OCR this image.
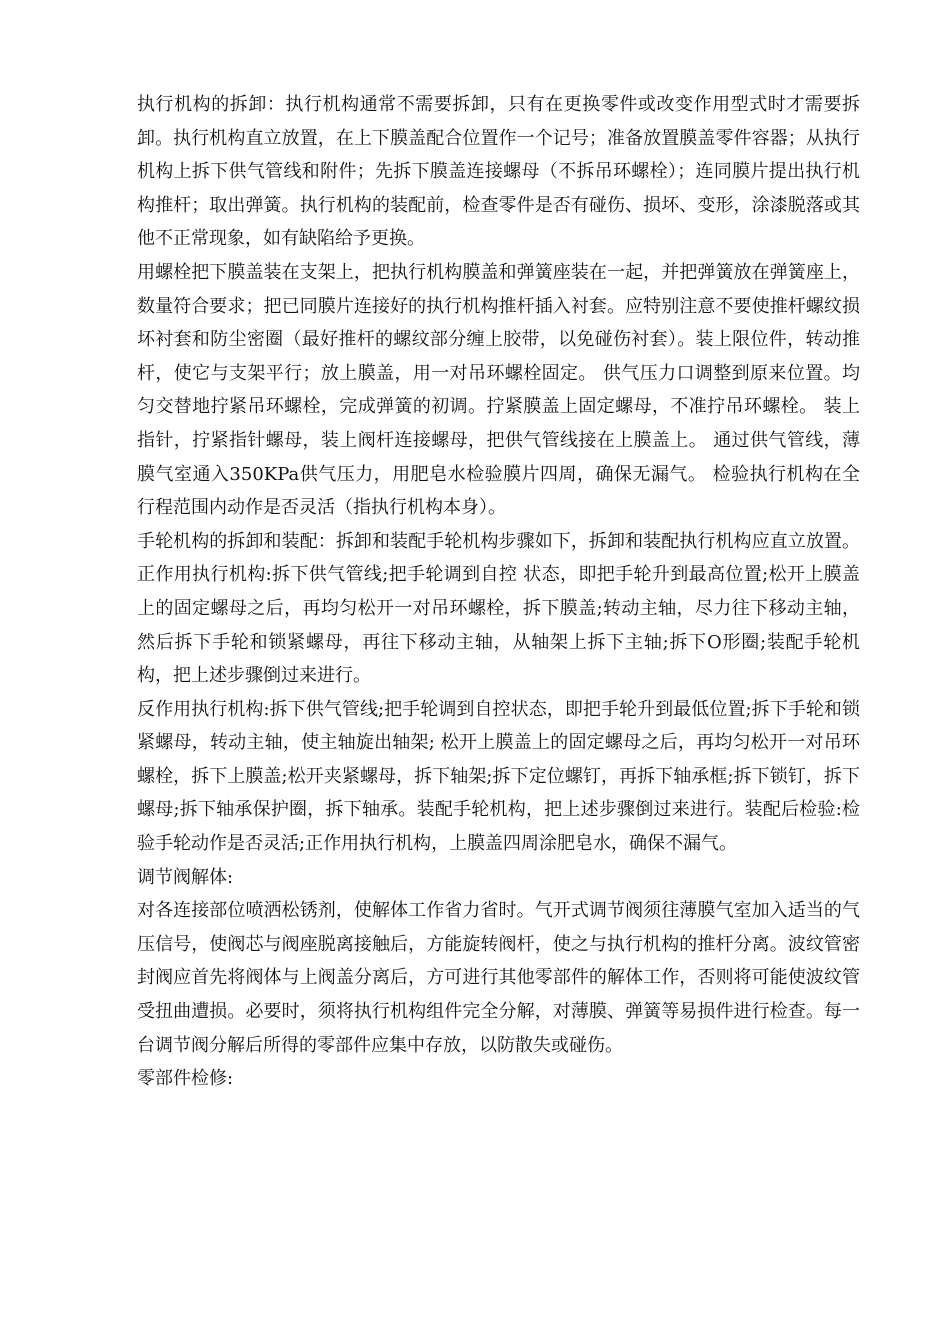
执行机构的拆卸：执行机构通常不需要拆卸，只有在更换零件或改变作用型式时才需要拆卸。执行机构直立放置，在上下膜盖配合位置作一个记号；准备放置膜盖零件容器；从执行机构上拆下供气管线和附件；先拆下膜盖连接螺母（不拆吊环螺栓）；连同膜片提出执行机构推杆；取出弹簧。执行机构的装配前，检查零件是否有碰伤、损坏、变形，涂漆脱落或其他不正常现象，如有缺陷给予更换。

用螺栓把下膜盖装在支架上，把执行机构膜盖和弹簧座装在一起，并把弹簧放在弹簧座上，数量符合要求；把已同膜片连接好的执行机构推杆插入衬套。应特别注意不要使推杆螺纹损坏衬套和防尘密圈（最好推杆的螺纹部分缠上胶带，以免碰伤衬套）。装上限位件，转动推杆，使它与支架平行；放上膜盖，用一对吊环螺栓固定。 供气压力口调整到原来位置。均匀交替地拧紧吊环螺栓，完成弹簧的初调。拧紧膜盖上固定螺母，不准拧吊环螺栓。 装上指针，拧紧指针螺母，装上阀杆连接螺母，把供气管线接在上膜盖上。 通过供气管线，薄膜气室通入350KPa供气压力，用肥皂水检验膜片四周，确保无漏气。 检验执行机构在全行程范围内动作是否灵活（指执行机构本身）。

手轮机构的拆卸和装配：拆卸和装配手轮机构步骤如下，拆卸和装配执行机构应直立放置。正作用执行机构:拆下供气管线;把手轮调到自控 状态，即把手轮升到最高位置;松开上膜盖上的固定螺母之后，再均匀松开一对吊环螺栓，拆下膜盖;转动主轴，尽力往下移动主轴，然后拆下手轮和锁紧螺母，再往下移动主轴，从轴架上拆下主轴;拆下O形圈;装配手轮机构，把上述步骤倒过来进行。

反作用执行机构:拆下供气管线;把手轮调到自控状态，即把手轮升到最低位置;拆下手轮和锁紧螺母，转动主轴，使主轴旋出轴架; 松开上膜盖上的固定螺母之后，再均匀松开一对吊环螺栓，拆下上膜盖;松开夹紧螺母，拆下轴架;拆下定位螺钉，再拆下轴承框;拆下锁钉，拆下螺母;拆下轴承保护圈，拆下轴承。装配手轮机构，把上述步骤倒过来进行。装配后检验:检验手轮动作是否灵活;正作用执行机构，上膜盖四周涂肥皂水，确保不漏气。

调节阀解体:

对各连接部位喷洒松锈剂，使解体工作省力省时。气开式调节阀须往薄膜气室加入适当的气压信号，使阀芯与阀座脱离接触后，方能旋转阀杆，使之与执行机构的推杆分离。波纹管密封阀应首先将阀体与上阀盖分离后，方可进行其他零部件的解体工作，否则将可能使波纹管受扭曲遭损。必要时，须将执行机构组件完全分解，对薄膜、弹簧等易损件进行检查。每一台调节阀分解后所得的零部件应集中存放，以防散失或碰伤。

零部件检修:
